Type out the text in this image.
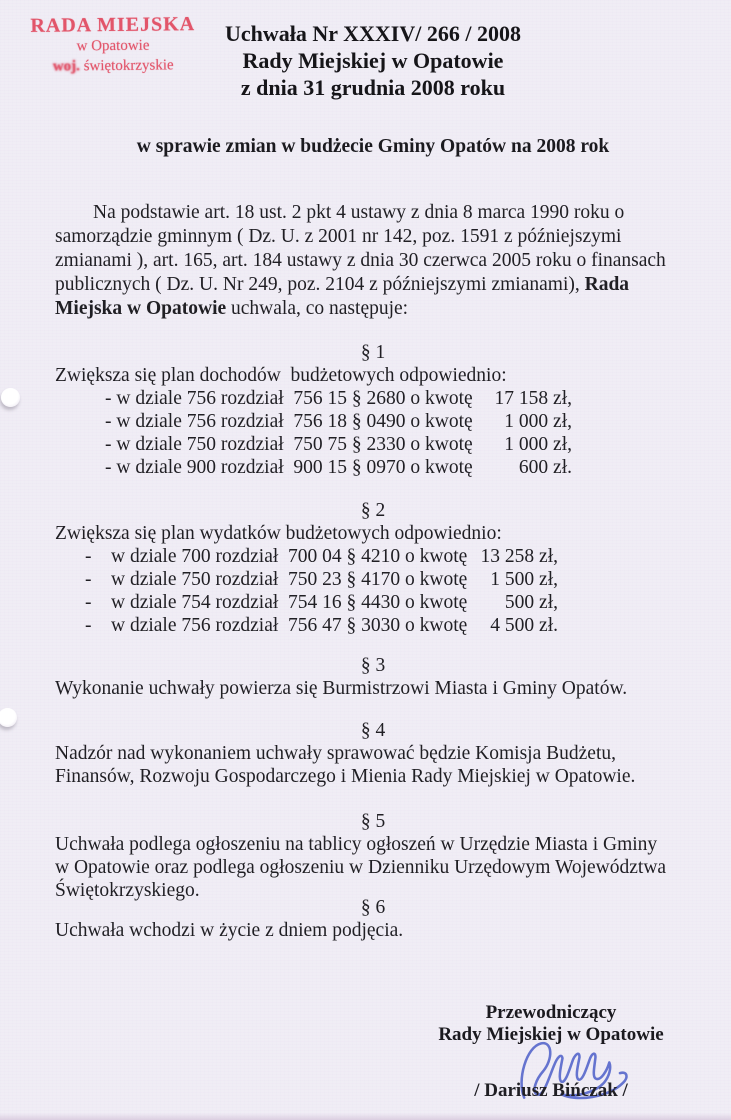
RADA MIEJSKA
w Opatowie
woj. świętokrzyskie
Uchwała Nr XXXIV/ 266 / 2008
Rady Miejskiej w Opatowie
z dnia 31 grudnia 2008 roku
w sprawie zmian w budżecie Gminy Opatów na 2008 rok

Na podstawie art. 18 ust. 2 pkt 4 ustawy z dnia 8 marca 1990 roku o samorządzie gminnym ( Dz. U. z 2001 nr 142, poz. 1591 z późniejszymi zmianami ), art. 165, art. 184 ustawy z dnia 30 czerwca 2005 roku o finansach publicznych ( Dz. U. Nr 249, poz. 2104 z późniejszymi zmianami), Rada Miejska w Opatowie uchwala, co następuje:

§ 1
Zwiększa się plan dochodów  budżetowych odpowiednio:
- w dziale 756 rozdział  756 15 § 2680 o kwotę	17 158 zł,
- w dziale 756 rozdział  756 18 § 0490 o kwotę	1 000 zł,
- w dziale 750 rozdział  750 75 § 2330 o kwotę	1 000 zł,
- w dziale 900 rozdział  900 15 § 0970 o kwotę	600 zł.
§ 2
Zwiększa się plan wydatków budżetowych odpowiednio:
-    w dziale 700 rozdział  700 04 § 4210 o kwotę 13 258 zł,
-    w dziale 750 rozdział  750 23 § 4170 o kwotę	1 500 zł,
-    w dziale 754 rozdział  754 16 § 4430 o kwotę	500 zł,
-    w dziale 756 rozdział  756 47 § 3030 o kwotę	4 500 zł.
§ 3
Wykonanie uchwały powierza się Burmistrzowi Miasta i Gminy Opatów.
§ 4
Nadzór nad wykonaniem uchwały sprawować będzie Komisja Budżetu,
Finansów, Rozwoju Gospodarczego i Mienia Rady Miejskiej w Opatowie.
§ 5
Uchwała podlega ogłoszeniu na tablicy ogłoszeń w Urzędzie Miasta i Gminy
w Opatowie oraz podlega ogłoszeniu w Dzienniku Urzędowym Województwa
Świętokrzyskiego.
§ 6
Uchwała wchodzi w życie z dniem podjęcia.
Przewodniczący
Rady Miejskiej w Opatowie
/ Dariusz Bińczak /
